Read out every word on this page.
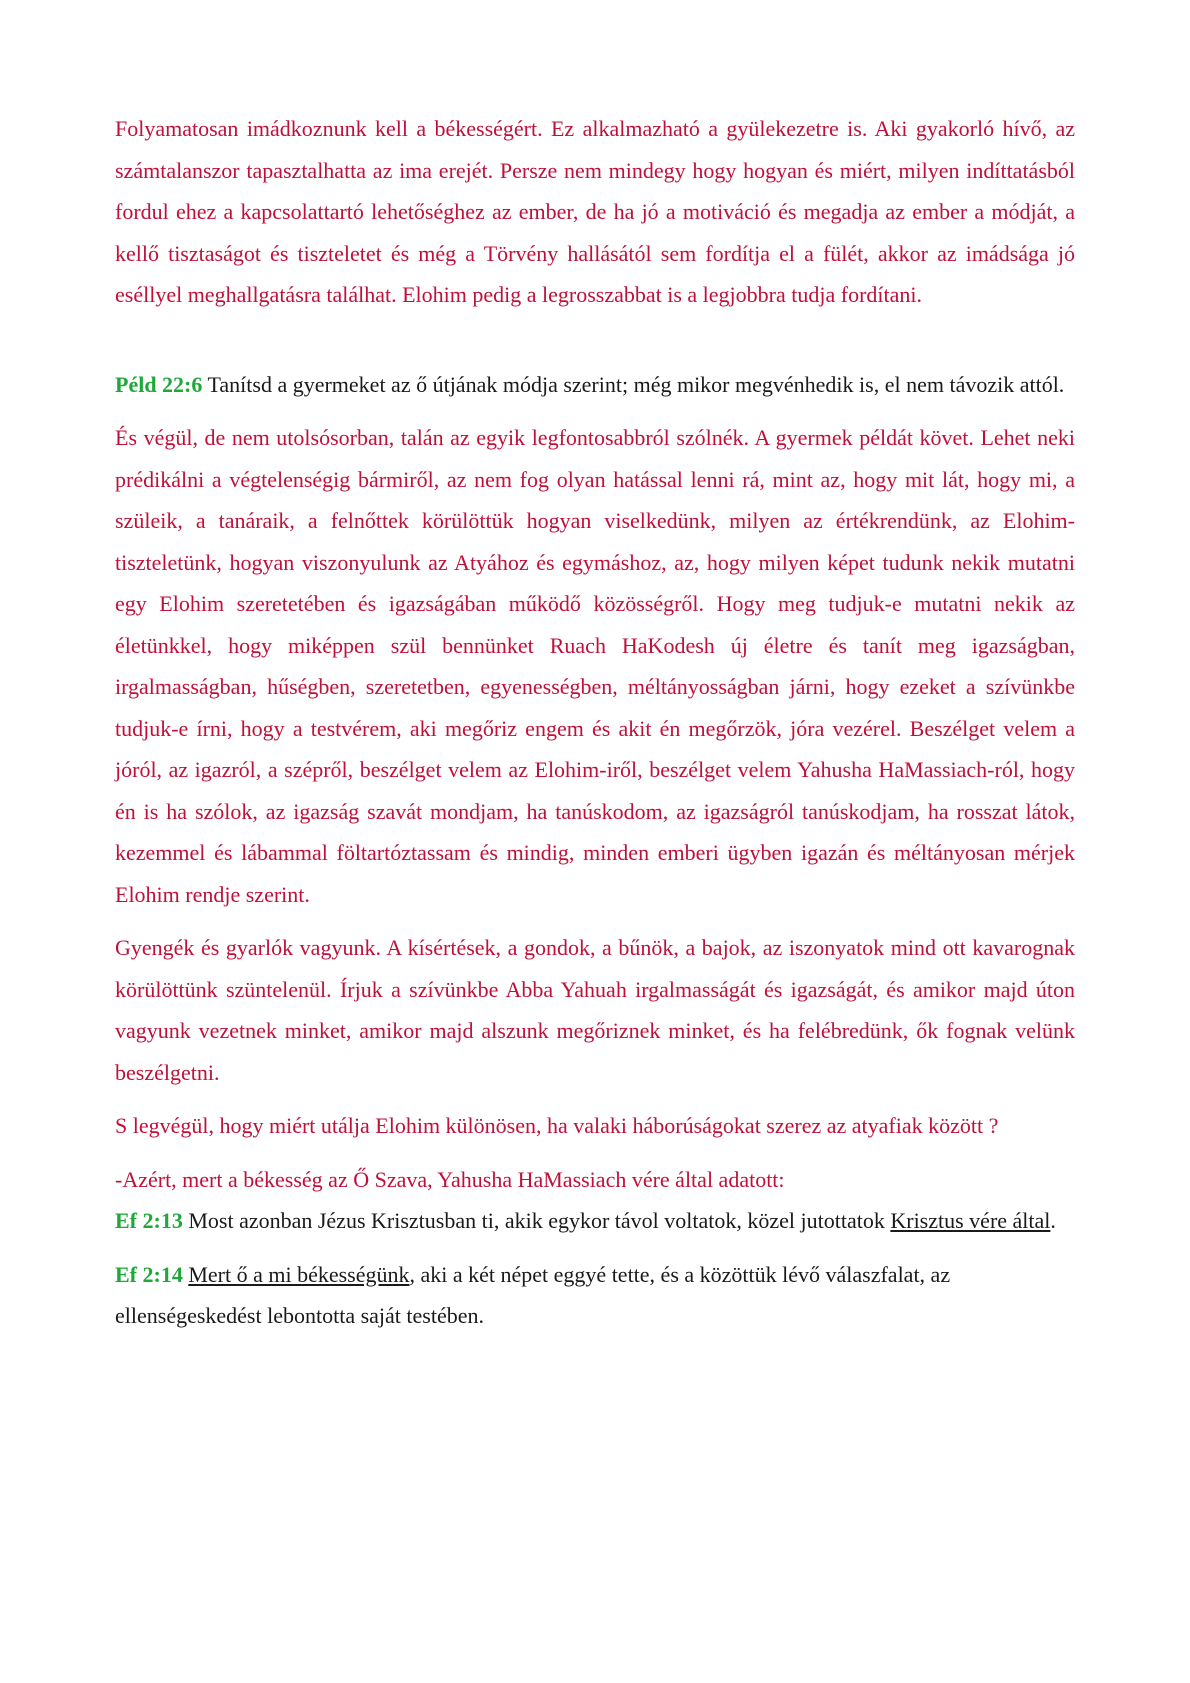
Folyamatosan imádkoznunk kell a békességért. Ez alkalmazható a gyülekezetre is. Aki gyakorló hívő, az számtalanszor tapasztalhatta az ima erejét. Persze nem mindegy hogy hogyan és miért, milyen indíttatásból fordul ehez a kapcsolattartó lehetőséghez az ember, de ha jó a motiváció és megadja az ember a módját, a kellő tisztaságot és tiszteletet és még a Törvény hallásától sem fordítja el a fülét, akkor az imádsága jó eséllyel meghallgatásra találhat. Elohim pedig a legrosszabbat is a legjobbra tudja fordítani.

Péld 22:6 Tanítsd a gyermeket az ő útjának módja szerint; még mikor megvénhedik is, el nem távozik attól.

És végül, de nem utolsósorban, talán az egyik legfontosabbról szólnék. A gyermek példát követ. Lehet neki prédikálni a végtelenségig bármiről, az nem fog olyan hatással lenni rá, mint az, hogy mit lát, hogy mi, a szüleik, a tanáraik, a felnőttek körülöttük hogyan viselkedünk, milyen az értékrendünk, az Elohim-tiszteletünk, hogyan viszonyulunk az Atyához és egymáshoz, az, hogy milyen képet tudunk nekik mutatni egy Elohim szeretetében és igazságában működő közösségről. Hogy meg tudjuk-e mutatni nekik az életünkkel, hogy miképpen szül bennünket Ruach HaKodesh új életre és tanít meg igazságban, irgalmasságban, hűségben, szeretetben, egyenességben, méltányosságban járni, hogy ezeket a szívünkbe tudjuk-e írni, hogy a testvérem, aki megőriz engem és akit én megőrzök, jóra vezérel. Beszélget velem a jóról, az igazról, a szépről, beszélget velem az Elohim-iről, beszélget velem Yahusha HaMassiach-ról, hogy én is ha szólok, az igazság szavát mondjam, ha tanúskodom, az igazságról tanúskodjam, ha rosszat látok, kezemmel és lábammal föltartóztassam és mindig, minden emberi ügyben igazán és méltányosan mérjek Elohim rendje szerint.

Gyengék és gyarlók vagyunk. A kísértések, a gondok, a bűnök, a bajok, az iszonyatok mind ott kavarognak körülöttünk szüntelenül. Írjuk a szívünkbe Abba Yahuah irgalmasságát és igazságát, és amikor majd úton vagyunk vezetnek minket, amikor majd alszunk megőriznek minket, és ha felébredünk, ők fognak velünk beszélgetni.

S legvégül, hogy miért utálja Elohim különösen, ha valaki háborúságokat szerez az atyafiak között ?

-Azért, mert a békesség az Ő Szava, Yahusha HaMassiach vére által adatott:

Ef 2:13 Most azonban Jézus Krisztusban ti, akik egykor távol voltatok, közel jutottatok Krisztus vére által.

Ef 2:14 Mert ő a mi békességünk, aki a két népet eggyé tette, és a közöttük lévő válaszfalat, az ellenségeskedést lebontotta saját testében.
